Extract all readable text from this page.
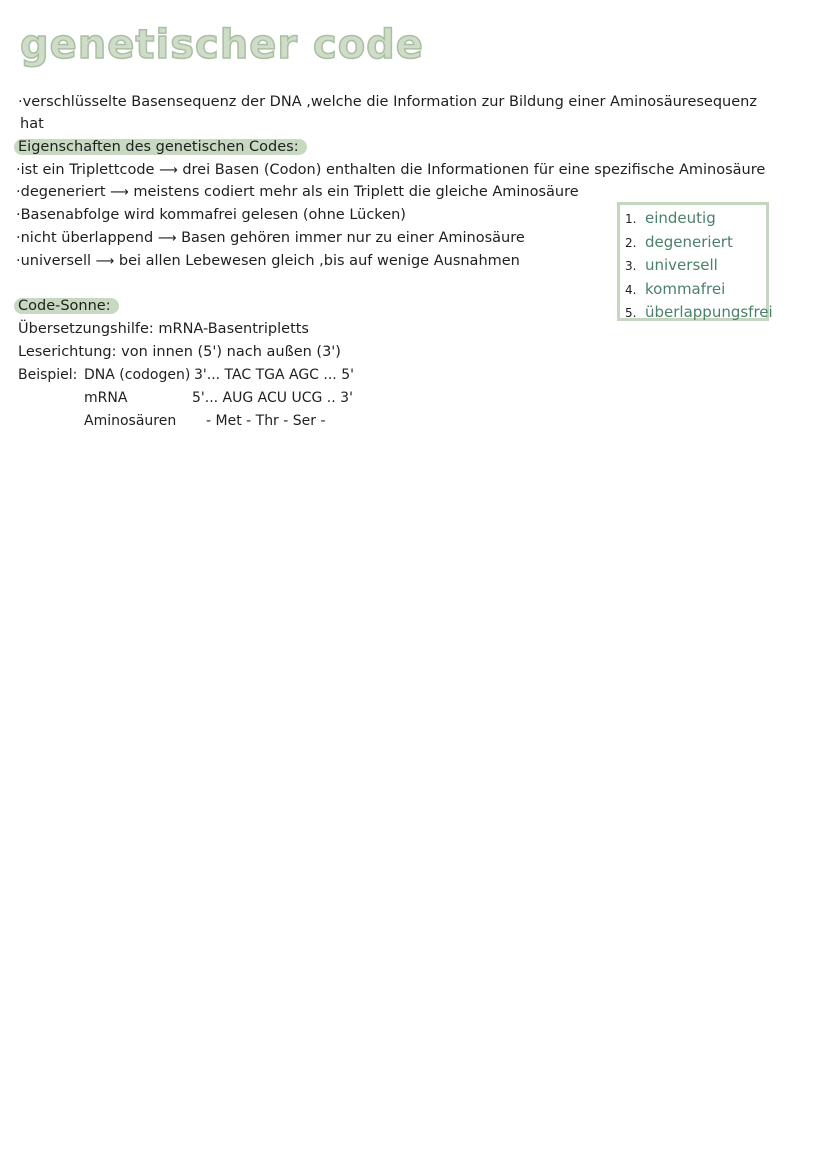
genetischer code
·verschlüsselte Basensequenz der DNA ,welche die Information zur Bildung einer Aminosäuresequenz
hat
Eigenschaften des genetischen Codes:
·ist ein Triplettcode ⟶ drei Basen (Codon) enthalten die Informationen für eine spezifische Aminosäure
·degeneriert ⟶ meistens codiert mehr als ein Triplett die gleiche Aminosäure
·Basenabfolge wird kommafrei gelesen (ohne Lücken)
·nicht überlappend ⟶ Basen gehören immer nur zu einer Aminosäure
·universell ⟶ bei allen Lebewesen gleich ,bis auf wenige Ausnahmen
1. eindeutig
2. degeneriert
3. universell
4. kommafrei
5. überlappungsfrei
Code-Sonne:
Übersetzungshilfe: mRNA-Basentripletts
Leserichtung: von innen (5') nach außen (3')
Beispiel: DNA (codogen) 3'... TAC TGA AGC ... 5'
mRNA	5'... AUG ACU UCG .. 3'
Aminosäuren - Met - Thr - Ser -
